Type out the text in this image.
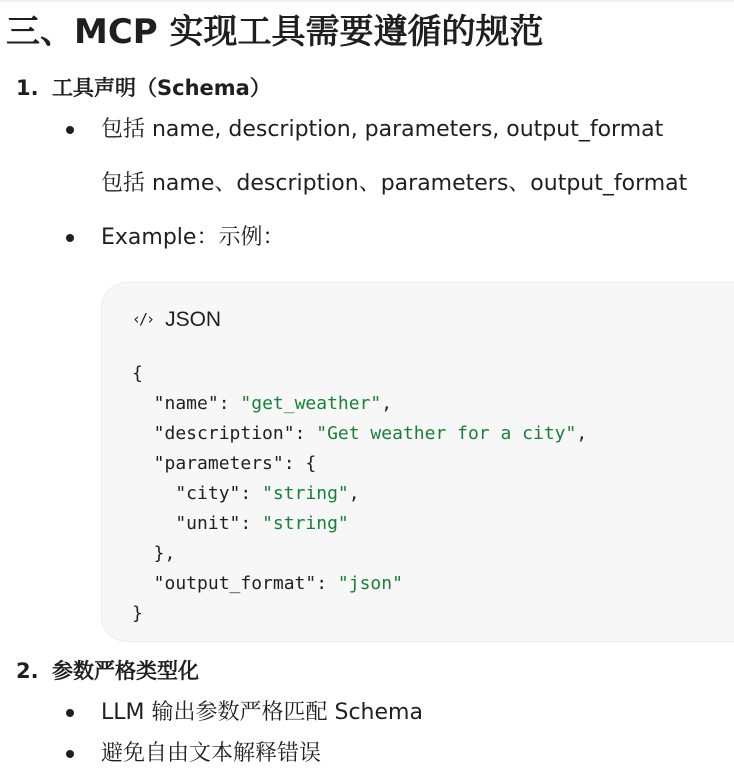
三、MCP 实现工具需要遵循的规范
1. 工具声明（Schema）
包括 name, description, parameters, output_format
包括 name、description、parameters、output_format
Example：示例：
‹/› JSON
{
"name": "get_weather",
"description": "Get weather for a city",
"parameters": {
"city": "string",
"unit": "string"
},
"output_format": "json"
}
2. 参数严格类型化
LLM 输出参数严格匹配 Schema
避免自由文本解释错误
